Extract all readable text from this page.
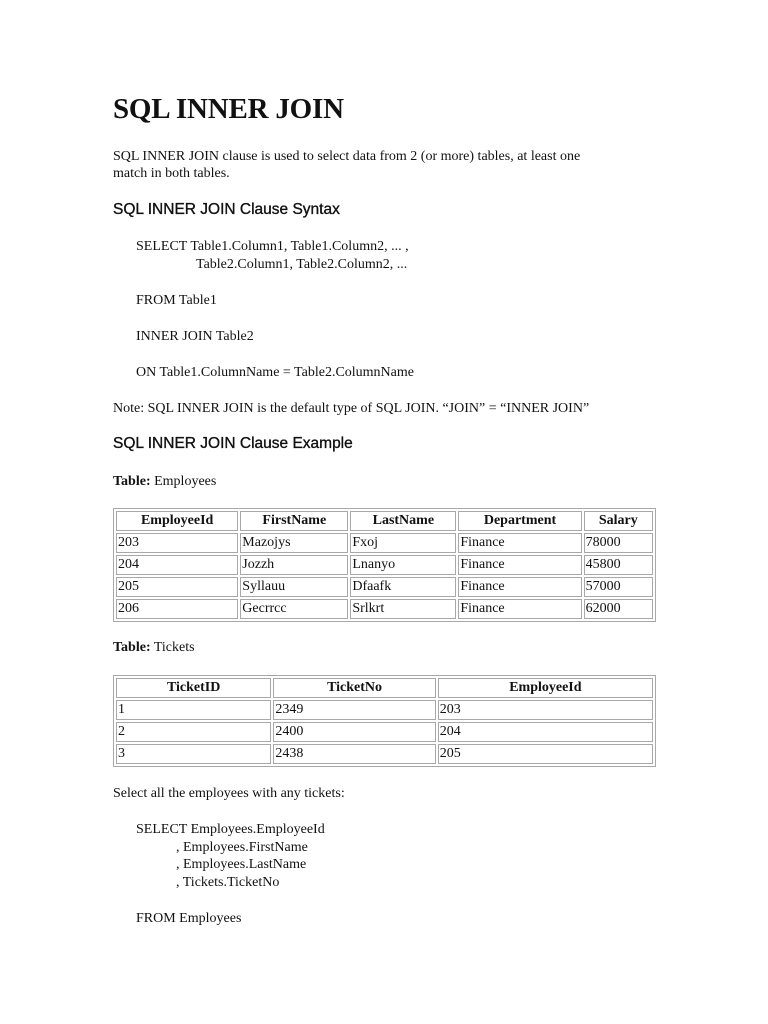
SQL INNER JOIN

SQL INNER JOIN clause is used to select data from 2 (or more) tables, at least one
match in both tables.

SQL INNER JOIN Clause Syntax
SELECT Table1.Column1, Table1.Column2, ... ,
Table2.Column1, Table2.Column2, ...
FROM Table1
INNER JOIN Table2
ON Table1.ColumnName = Table2.ColumnName

Note: SQL INNER JOIN is the default type of SQL JOIN. “JOIN” = “INNER JOIN”

SQL INNER JOIN Clause Example

Table: Employees

EmployeeId	FirstName	LastName	Department	Salary
203	Mazojys	Fxoj	Finance	78000
204	Jozzh	Lnanyo	Finance	45800
205	Syllauu	Dfaafk	Finance	57000
206	Gecrrcc	Srlkrt	Finance	62000

Table: Tickets

TicketID	TicketNo	EmployeeId
1	2349	203
2	2400	204
3	2438	205

Select all the employees with any tickets:

SELECT Employees.EmployeeId
, Employees.FirstName
, Employees.LastName
, Tickets.TicketNo
FROM Employees
